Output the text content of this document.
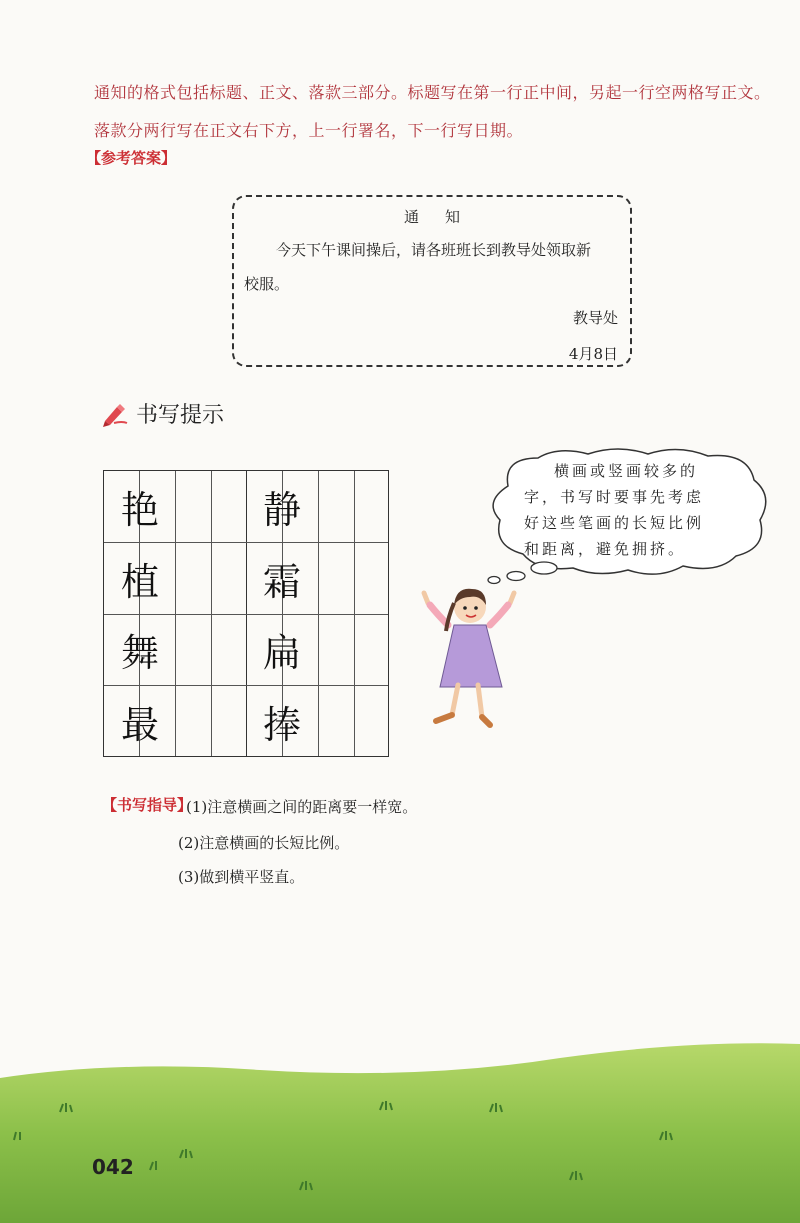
通知的格式包括标题、正文、落款三部分。标题写在第一行正中间，另起一行空两格写正文。

落款分两行写在正文右下方，上一行署名，下一行写日期。

【参考答案】
通知
今天下午课间操后，请各班班长到教导处领取新
校服。
教导处
4月8日
书写提示
艳
植
舞
最
静
霜
扁
捧

横画或竖画较多的

字，书写时要事先考虑

好这些笔画的长短比例

和距离，避免拥挤。

【书写指导】
(1)注意横画之间的距离要一样宽。
(2)注意横画的长短比例。
(3)做到横平竖直。
042
